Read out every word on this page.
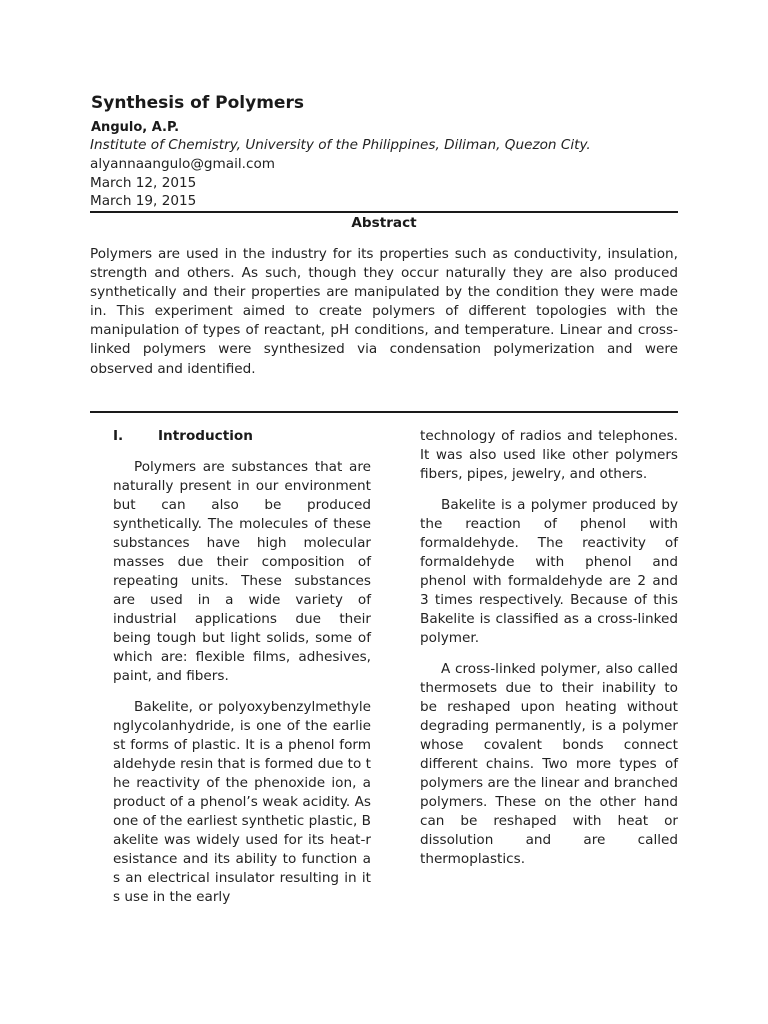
Synthesis of Polymers
Angulo, A.P.
Institute of Chemistry, University of the Philippines, Diliman, Quezon City.
alyannaangulo@gmail.com
March 12, 2015
March 19, 2015
Abstract

Polymers are used in the industry for its properties such as conductivity, insulation, strength and others. As such, though they occur naturally they are also produced synthetically and their properties are manipulated by the condition they were made in. This experiment aimed to create polymers of different topologies with the manipulation of types of reactant, pH conditions, and temperature. Linear and cross-linked polymers were synthesized via condensation polymerization and were observed and identified.

I.	Introduction

Polymers are substances that are naturally present in our environment but can also be produced synthetically. The molecules of these substances have high molecular masses due their composition of repeating units. These substances are used in a wide variety of industrial applications due their being tough but light solids, some of which are: flexible films, adhesives, paint, and fibers.

Bakelite, or polyoxybenzylmethylenglycolanhydride, is one of the earliest forms of plastic. It is a phenol formaldehyde resin that is formed due to the reactivity of the phenoxide ion, a product of a phenol’s weak acidity. As one of the earliest synthetic plastic, Bakelite was widely used for its heat-resistance and its ability to function as an electrical insulator resulting in its use in the early

technology of radios and telephones. It was also used like other polymers fibers, pipes, jewelry, and others.

Bakelite is a polymer produced by the reaction of phenol with formaldehyde. The reactivity of formaldehyde with phenol and phenol with formaldehyde are 2 and 3 times respectively. Because of this Bakelite is classified as a cross-linked polymer.

A cross-linked polymer, also called thermosets due to their inability to be reshaped upon heating without degrading permanently, is a polymer whose covalent bonds connect different chains. Two more types of polymers are the linear and branched polymers. These on the other hand can be reshaped with heat or dissolution and are called thermoplastics.
